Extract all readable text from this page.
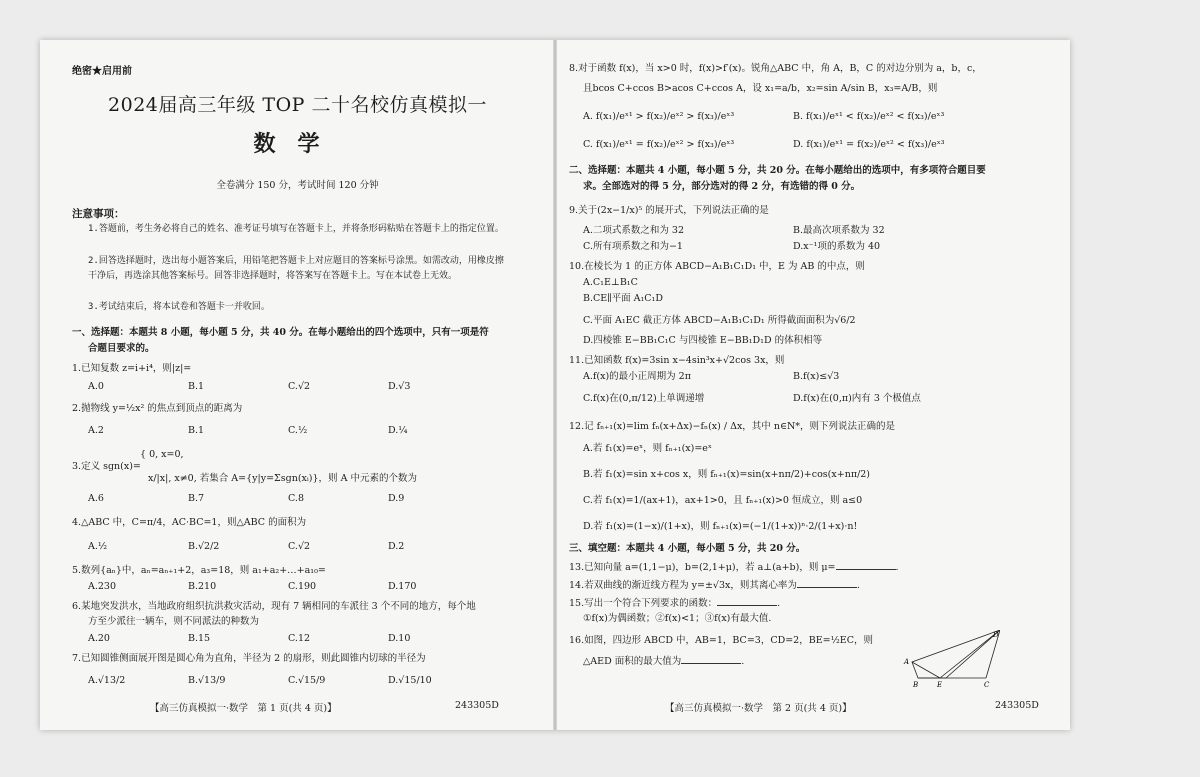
绝密★启用前
2024届高三年级 TOP 二十名校仿真模拟一
数学
全卷满分 150 分，考试时间 120 分钟
注意事项：
1.答题前，考生务必将自己的姓名、准考证号填写在答题卡上，并将条形码粘贴在答题卡上的指定位置。
2.回答选择题时，选出每小题答案后，用铅笔把答题卡上对应题目的答案标号涂黑。如需改动，用橡皮擦干净后，再选涂其他答案标号。回答非选择题时，将答案写在答题卡上。写在本试卷上无效。
3.考试结束后，将本试卷和答题卡一并收回。
一、选择题：本题共 8 小题，每小题 5 分，共 40 分。在每小题给出的四个选项中，只有一项是符
合题目要求的。
1.已知复数 z=i+i⁴，则|z|=
A.0	B.1	C.√2	D.√3
2.抛物线 y=½x² 的焦点到顶点的距离为
A.2	B.1	C.½	D.¼
{ 0, x=0,
3.定义 sgn(x)=
x/|x|, x≠0, 若集合 A={y|y=Σsgn(xᵢ)}，则 A 中元素的个数为
A.6	B.7	C.8	D.9
4.△ABC 中，C=π/4，AC·BC=1，则△ABC 的面积为
A.½	B.√2/2	C.√2	D.2
5.数列{aₙ}中，aₙ=aₙ₊₁+2，a₃=18，则 a₁+a₂+…+a₁₀=
A.230	B.210	C.190	D.170
6.某地突发洪水，当地政府组织抗洪救灾活动，现有 7 辆相同的车派往 3 个不同的地方，每个地
方至少派往一辆车，则不同派法的种数为
A.20	B.15	C.12	D.10
7.已知圆锥侧面展开图是圆心角为直角，半径为 2 的扇形，则此圆锥内切球的半径为
A.√13/2	B.√13/9	C.√15/9	D.√15/10
【高三仿真模拟一·数学　第 1 页(共 4 页)】	243305D
8.对于函数 f(x)，当 x>0 时，f(x)>f′(x)。锐角△ABC 中，角 A，B，C 的对边分别为 a，b，c，
且bcos C+ccos B>acos C+ccos A，设 x₁=a/b，x₂=sin A/sin B，x₃=A/B，则
A. f(x₁)/eˣ¹ > f(x₂)/eˣ² > f(x₃)/eˣ³	B. f(x₁)/eˣ¹ < f(x₂)/eˣ² < f(x₃)/eˣ³
C. f(x₁)/eˣ¹ = f(x₂)/eˣ² > f(x₃)/eˣ³	D. f(x₁)/eˣ¹ = f(x₂)/eˣ² < f(x₃)/eˣ³
二、选择题：本题共 4 小题，每小题 5 分，共 20 分。在每小题给出的选项中，有多项符合题目要
求。全部选对的得 5 分，部分选对的得 2 分，有选错的得 0 分。
9.关于(2x−1/x)⁵ 的展开式，下列说法正确的是
A.二项式系数之和为 32	B.最高次项系数为 32
C.所有项系数之和为−1	D.x⁻¹项的系数为 40
10.在棱长为 1 的正方体 ABCD−A₁B₁C₁D₁ 中，E 为 AB 的中点，则
A.C₁E⊥B₁C
B.CE∥平面 A₁C₁D
C.平面 A₁EC 截正方体 ABCD−A₁B₁C₁D₁ 所得截面面积为√6/2
D.四棱锥 E−BB₁C₁C 与四棱锥 E−BB₁D₁D 的体积相等
11.已知函数 f(x)=3sin x−4sin³x+√2cos 3x，则
A.f(x)的最小正周期为 2π	B.f(x)≤√3
C.f(x)在(0,π/12)上单调递增	D.f(x)在(0,π)内有 3 个极值点
12.记 fₙ₊₁(x)=lim fₙ(x+Δx)−fₙ(x) / Δx，其中 n∈N*，则下列说法正确的是
A.若 f₁(x)=eˣ，则 fₙ₊₁(x)=eˣ
B.若 f₁(x)=sin x+cos x，则 fₙ₊₁(x)=sin(x+nπ/2)+cos(x+nπ/2)
C.若 f₁(x)=1/(ax+1)，ax+1>0，且 fₙ₊₁(x)>0 恒成立，则 a≤0
D.若 f₁(x)=(1−x)/(1+x)，则 fₙ₊₁(x)=(−1/(1+x))ⁿ·2/(1+x)·n!
三、填空题：本题共 4 小题，每小题 5 分，共 20 分。
13.已知向量 a=(1,1−μ)，b=(2,1+μ)，若 a⊥(a+b)，则 μ=	.
14.若双曲线的渐近线方程为 y=±√3x，则其离心率为	.
15.写出一个符合下列要求的函数：	.
①f(x)为偶函数；②f(x)<1；③f(x)有最大值.
16.如图，四边形 ABCD 中，AB=1，BC=3，CD=2，BE=½EC，则
△AED 面积的最大值为	.	A
B	E	C
D
【高三仿真模拟一·数学　第 2 页(共 4 页)】	243305D
